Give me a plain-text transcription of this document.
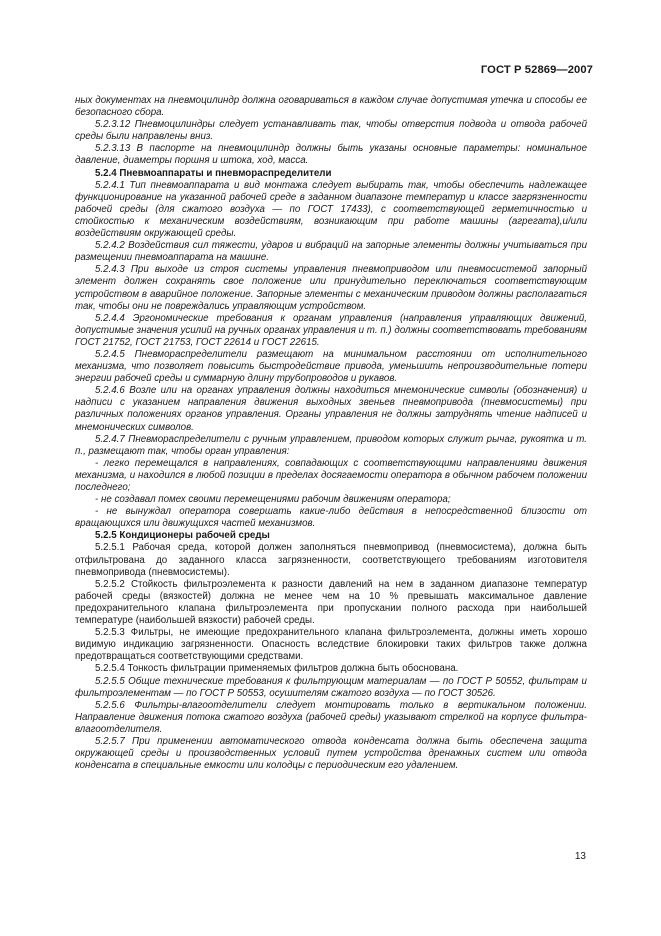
ГОСТ Р 52869—2007

ных документах на пневмоцилиндр должна оговариваться в каждом случае допустимая утечка и способы ее безопасного сбора.

5.2.3.12 Пневмоцилиндры следует устанавливать так, чтобы отверстия подвода и отвода рабочей среды были направлены вниз.

5.2.3.13 В паспорте на пневмоцилиндр должны быть указаны основные параметры: номинальное давление, диаметры поршня и штока, ход, масса.

5.2.4 Пневмоаппараты и пневмораспределители

5.2.4.1 Тип пневмоаппарата и вид монтажа следует выбирать так, чтобы обеспечить надлежащее функционирование на указанной рабочей среде в заданном диапазоне температур и классе загрязненности рабочей среды (для сжатого воздуха — по ГОСТ 17433), с соответствующей герметичностью и стойкостью к механическим воздействиям, возникающим при работе машины (агрегата),и/или воздействиям окружающей среды.

5.2.4.2 Воздействия сил тяжести, ударов и вибраций на запорные элементы должны учитываться при размещении пневмоаппарата на машине.

5.2.4.3 При выходе из строя системы управления пневмоприводом или пневмосистемой запорный элемент должен сохранять свое положение или принудительно переключаться соответствующим устройством в аварийное положение. Запорные элементы с механическим приводом должны располагаться так, чтобы они не повреждались управляющим устройством.

5.2.4.4 Эргономические требования к органам управления (направления управляющих движений, допустимые значения усилий на ручных органах управления и т. п.) должны соответствовать требованиям ГОСТ 21752, ГОСТ 21753, ГОСТ 22614 и ГОСТ 22615.

5.2.4.5 Пневмораспределители размещают на минимальном расстоянии от исполнительного механизма, что позволяет повысить быстродействие привода, уменьшить непроизводительные потери энергии рабочей среды и суммарную длину трубопроводов и рукавов.

5.2.4.6 Возле или на органах управления должны находиться мнемонические символы (обозначения) и надписи с указанием направления движения выходных звеньев пневмопривода (пневмосистемы) при различных положениях органов управления. Органы управления не должны затруднять чтение надписей и мнемонических символов.

5.2.4.7 Пневмораспределители с ручным управлением, приводом которых служит рычаг, рукоятка и т. п., размещают так, чтобы орган управления:

- легко перемещался в направлениях, совпадающих с соответствующими направлениями движения механизма, и находился в любой позиции в пределах досягаемости оператора в обычном рабочем положении последнего;

- не создавал помех своими перемещениями рабочим движениям оператора;

- не вынуждал оператора совершать какие-либо действия в непосредственной близости от вращающихся или движущихся частей механизмов.

5.2.5 Кондиционеры рабочей среды

5.2.5.1 Рабочая среда, которой должен заполняться пневмопривод (пневмосистема), должна быть отфильтрована до заданного класса загрязненности, соответствующего требованиям изготовителя пневмопривода (пневмосистемы).

5.2.5.2 Стойкость фильтроэлемента к разности давлений на нем в заданном диапазоне температур рабочей среды (вязкостей) должна не менее чем на 10 % превышать максимальное давление предохранительного клапана фильтроэлемента при пропускании полного расхода при наибольшей температуре (наибольшей вязкости) рабочей среды.

5.2.5.3 Фильтры, не имеющие предохранительного клапана фильтроэлемента, должны иметь хорошо видимую индикацию загрязненности. Опасность вследствие блокировки таких фильтров также должна предотвращаться соответствующими средствами.

5.2.5.4 Тонкость фильтрации применяемых фильтров должна быть обоснована.

5.2.5.5 Общие технические требования к фильтрующим материалам — по ГОСТ Р 50552, фильтрам и фильтроэлементам — по ГОСТ Р 50553, осушителям сжатого воздуха — по ГОСТ 30526.

5.2.5.6 Фильтры-влагоотделители следует монтировать только в вертикальном положении. Направление движения потока сжатого воздуха (рабочей среды) указывают стрелкой на корпусе фильтра-влагоотделителя.

5.2.5.7 При применении автоматического отвода конденсата должна быть обеспечена защита окружающей среды и производственных условий путем устройства дренажных систем или отвода конденсата в специальные емкости или колодцы с периодическим его удалением.

13
